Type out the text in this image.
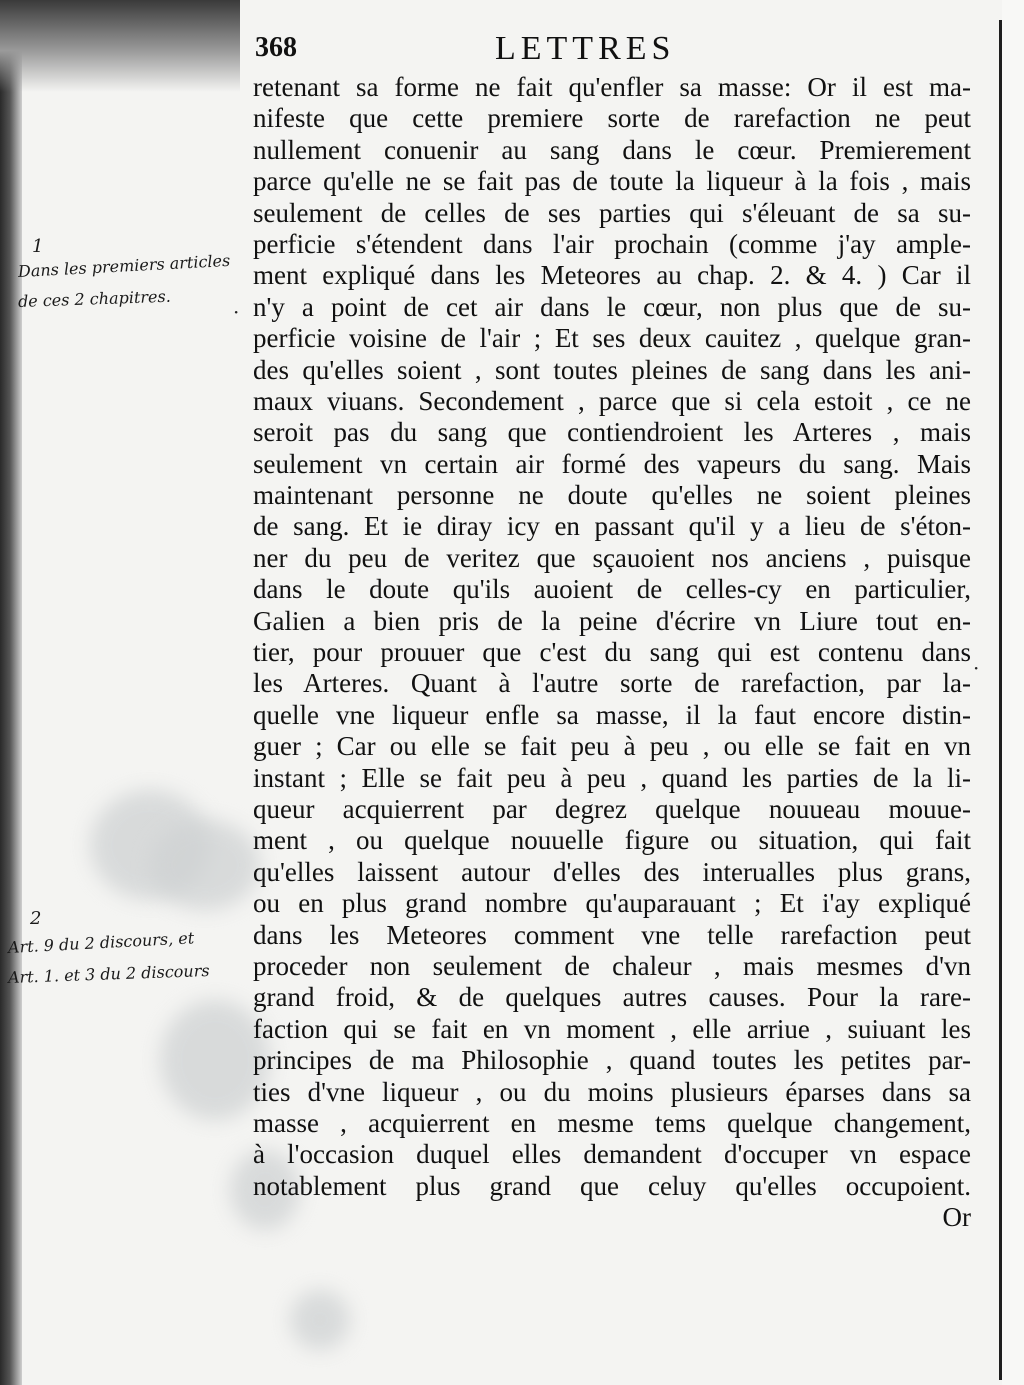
368	LETTRES
retenant sa forme ne fait qu'enfler sa masse: Or il est ma-
nifeste que cette premiere sorte de rarefaction ne peut
nullement conuenir au sang dans le cœur. Premierement
parce qu'elle ne se fait pas de toute la liqueur à la fois , mais
seulement de celles de ses parties qui s'éleuant de sa su-
perficie s'étendent dans l'air prochain (comme j'ay ample-
ment expliqué dans les Meteores au chap. 2. & 4. ) Car il
n'y a point de cet air dans le cœur, non plus que de su-
perficie voisine de l'air ; Et ses deux cauitez , quelque gran-
des qu'elles soient , sont toutes pleines de sang dans les ani-
maux viuans. Secondement , parce que si cela estoit , ce ne
seroit pas du sang que contiendroient les Arteres , mais
seulement vn certain air formé des vapeurs du sang. Mais
maintenant personne ne doute qu'elles ne soient pleines
de sang. Et ie diray icy en passant qu'il y a lieu de s'éton-
ner du peu de veritez que sçauoient nos anciens , puisque
dans le doute qu'ils auoient de celles-cy en particulier,
Galien a bien pris de la peine d'écrire vn Liure tout en-
tier, pour prouuer que c'est du sang qui est contenu dans
les Arteres. Quant à l'autre sorte de rarefaction, par la-
quelle vne liqueur enfle sa masse, il la faut encore distin-
guer ; Car ou elle se fait peu à peu , ou elle se fait en vn
instant ; Elle se fait peu à peu , quand les parties de la li-
queur acquierrent par degrez quelque nouueau mouue-
ment , ou quelque nouuelle figure ou situation, qui fait
qu'elles laissent autour d'elles des interualles plus grans,
ou en plus grand nombre qu'auparauant ; Et i'ay expliqué
dans les Meteores comment vne telle rarefaction peut
proceder non seulement de chaleur , mais mesmes d'vn
grand froid, & de quelques autres causes. Pour la rare-
faction qui se fait en vn moment , elle arriue , suiuant les
principes de ma Philosophie , quand toutes les petites par-
ties d'vne liqueur , ou du moins plusieurs éparses dans sa
masse , acquierrent en mesme tems quelque changement,
à l'occasion duquel elles demandent d'occuper vn espace
notablement plus grand que celuy qu'elles occupoient.
Or
1
Dans les premiers articles
de ces 2 chapitres.
·
2
Art. 9 du 2 discours, et
Art. 1. et 3 du 2 discours
·
